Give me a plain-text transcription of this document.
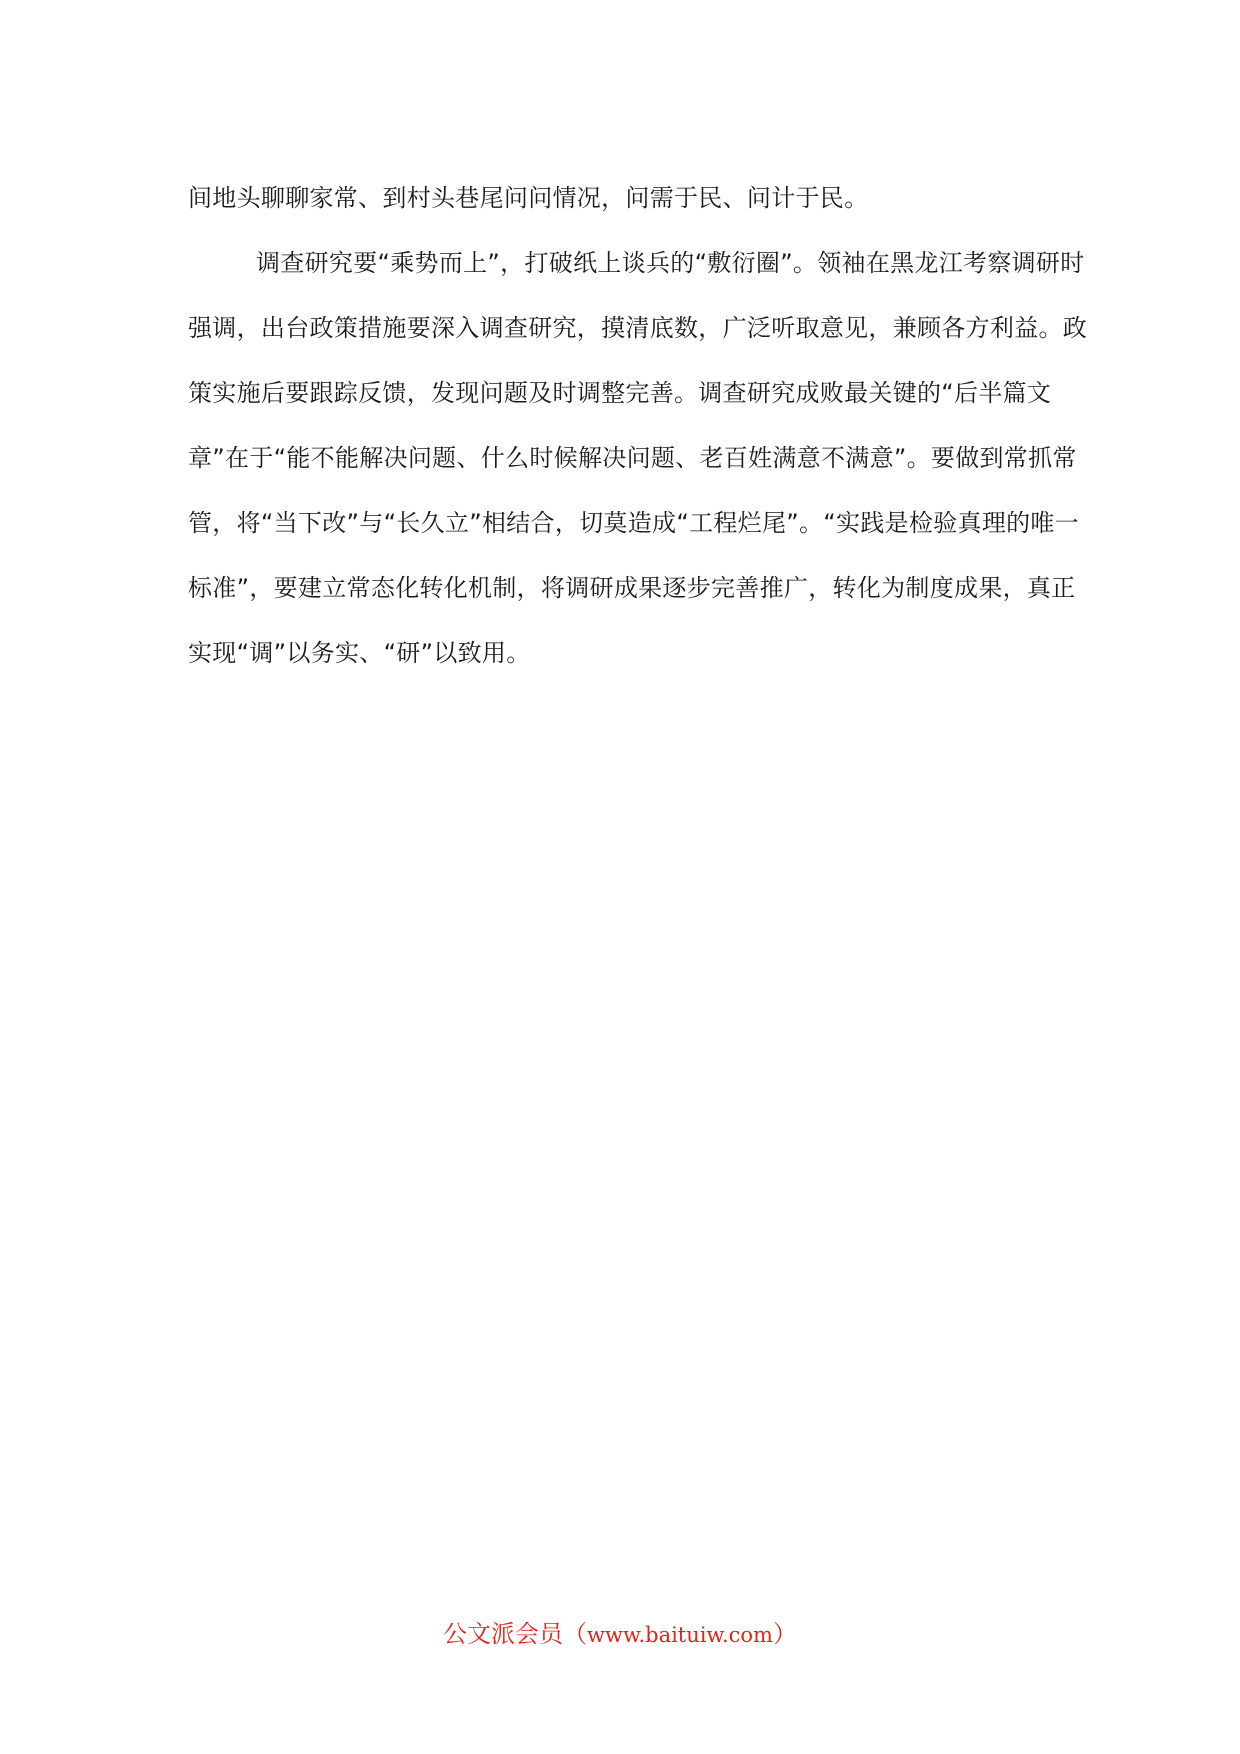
间地头聊聊家常、到村头巷尾问问情况，问需于民、问计于民。

调查研究要“乘势而上”，打破纸上谈兵的“敷衍圈”。领袖在黑龙江考察调研时强调，出台政策措施要深入调查研究，摸清底数，广泛听取意见，兼顾各方利益。政策实施后要跟踪反馈，发现问题及时调整完善。调查研究成败最关键的“后半篇文章”在于“能不能解决问题、什么时候解决问题、老百姓满意不满意”。要做到常抓常管，将“当下改”与“长久立”相结合，切莫造成“工程烂尾”。“实践是检验真理的唯一标准”，要建立常态化转化机制，将调研成果逐步完善推广，转化为制度成果，真正实现“调”以务实、“研”以致用。

公文派会员（www.baituiw.com）
